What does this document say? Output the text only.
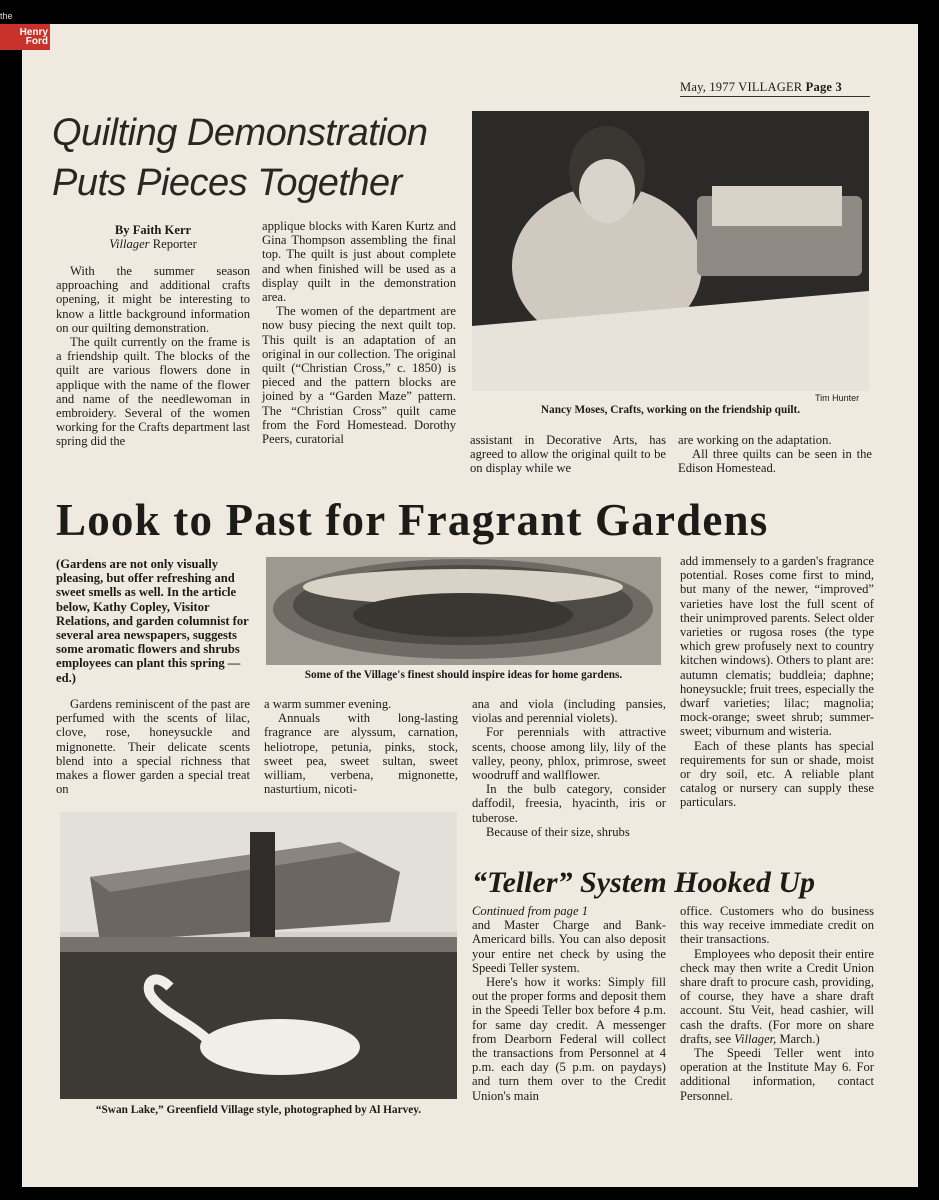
the
Henry
Ford
May, 1977 VILLAGER Page 3
Quilting Demonstration
Puts Pieces Together
By Faith Kerr
Villager Reporter

With the summer season approaching and additional crafts opening, it might be interesting to know a little background information on our quilting demonstration.

The quilt currently on the frame is a friendship quilt. The blocks of the quilt are various flowers done in applique with the name of the flower and name of the needlewoman in embroidery. Several of the women working for the Crafts department last spring did the

applique blocks with Karen Kurtz and Gina Thompson assembling the final top. The quilt is just about complete and when finished will be used as a display quilt in the demonstration area.

The women of the department are now busy piecing the next quilt top. This quilt is an adaptation of an original in our collection. The original quilt (“Christian Cross,” c. 1850) is pieced and the pattern blocks are joined by a “Garden Maze” pattern. The “Christian Cross” quilt came from the Ford Homestead. Dorothy Peers, curatorial

Tim Hunter
Nancy Moses, Crafts, working on the friendship quilt.

assistant in Decorative Arts, has agreed to allow the original quilt to be on display while we

are working on the adaptation.

All three quilts can be seen in the Edison Homestead.

Look to Past for Fragrant Gardens

(Gardens are not only visually pleasing, but offer refreshing and sweet smells as well. In the article below, Kathy Copley, Visitor Relations, and garden columnist for several area newspapers, suggests some aromatic flowers and shrubs employees can plant this spring — ed.)	Some of the Village's finest should inspire ideas for home gardens.

Gardens reminiscent of the past are perfumed with the scents of lilac, clove, rose, honeysuckle and mignonette. Their delicate scents blend into a special richness that makes a flower garden a special treat on

a warm summer evening.

Annuals with long-lasting fragrance are alyssum, carnation, heliotrope, petunia, pinks, stock, sweet pea, sweet sultan, sweet william, verbena, mignonette, nasturtium, nicoti-

ana and viola (including pansies, violas and perennial violets).

For perennials with attractive scents, choose among lily, lily of the valley, peony, phlox, primrose, sweet woodruff and wallflower.

In the bulb category, consider daffodil, freesia, hyacinth, iris or tuberose.

Because of their size, shrubs

add immensely to a garden's fragrance potential. Roses come first to mind, but many of the newer, “improved” varieties have lost the full scent of their unimproved parents. Select older varieties or rugosa roses (the type which grew profusely next to country kitchen windows). Others to plant are: autumn clematis; buddleia; daphne; honeysuckle; fruit trees, especially the dwarf varieties; lilac; magnolia; mock-orange; sweet shrub; summer-sweet; viburnum and wisteria.

Each of these plants has special requirements for sun or shade, moist or dry soil, etc. A reliable plant catalog or nursery can supply these particulars.

“Swan Lake,” Greenfield Village style, photographed by Al Harvey.
“Teller” System Hooked Up

Continued from page 1

and Master Charge and Bank-Americard bills. You can also deposit your entire net check by using the Speedi Teller system.

Here's how it works: Simply fill out the proper forms and deposit them in the Speedi Teller box before 4 p.m. for same day credit. A messenger from Dearborn Federal will collect the transactions from Personnel at 4 p.m. each day (5 p.m. on paydays) and turn them over to the Credit Union's main

office. Customers who do business this way receive immediate credit on their transactions.

Employees who deposit their entire check may then write a Credit Union share draft to procure cash, providing, of course, they have a share draft account. Stu Veit, head cashier, will cash the drafts. (For more on share drafts, see Villager, March.)

The Speedi Teller went into operation at the Institute May 6. For additional information, contact Personnel.
